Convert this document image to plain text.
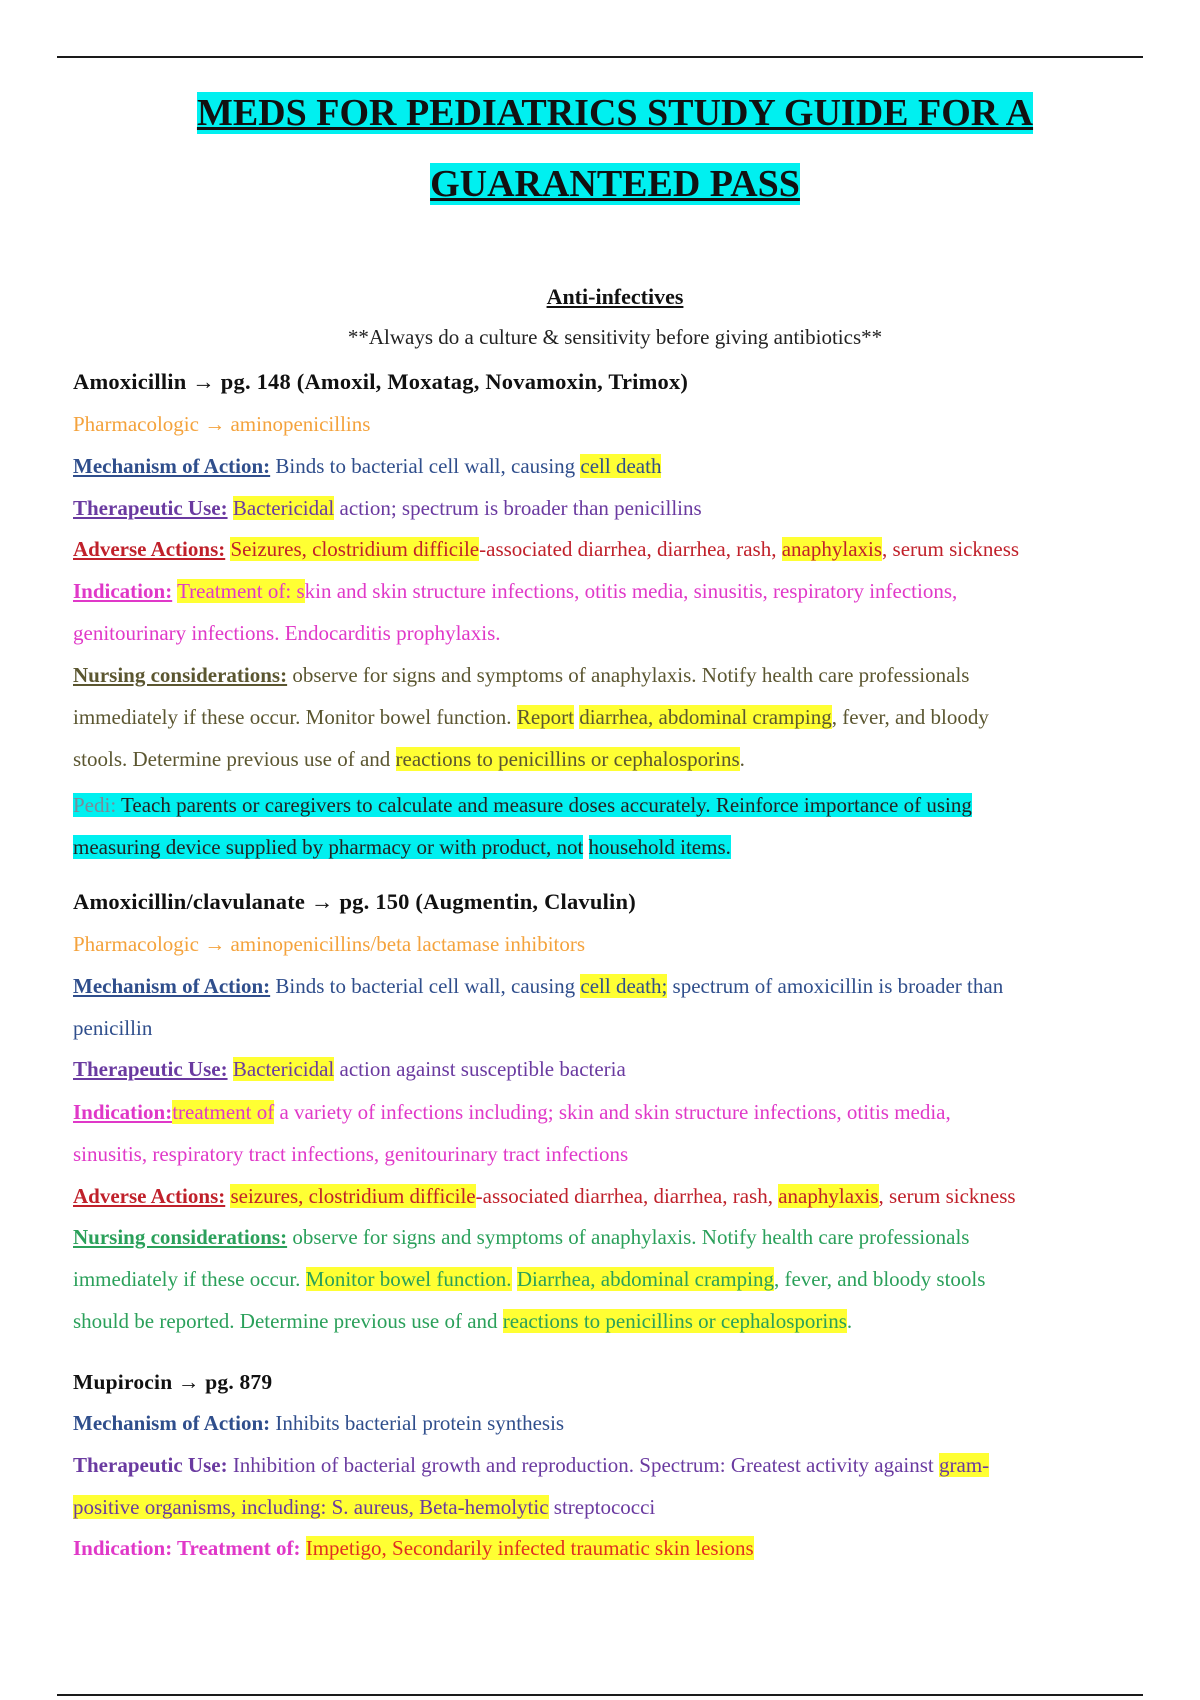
MEDS FOR PEDIATRICS STUDY GUIDE FOR A
GUARANTEED PASS
Anti-infectives
**Always do a culture & sensitivity before giving antibiotics**
Amoxicillin → pg. 148 (Amoxil, Moxatag, Novamoxin, Trimox)
Pharmacologic → aminopenicillins
Mechanism of Action: Binds to bacterial cell wall, causing cell death
Therapeutic Use: Bactericidal action; spectrum is broader than penicillins
Adverse Actions: Seizures, clostridium difficile-associated diarrhea, diarrhea, rash, anaphylaxis, serum sickness
Indication: Treatment of: skin and skin structure infections, otitis media, sinusitis, respiratory infections,
genitourinary infections. Endocarditis prophylaxis.
Nursing considerations: observe for signs and symptoms of anaphylaxis. Notify health care professionals
immediately if these occur. Monitor bowel function. Report diarrhea, abdominal cramping, fever, and bloody
stools. Determine previous use of and reactions to penicillins or cephalosporins.
Pedi: Teach parents or caregivers to calculate and measure doses accurately. Reinforce importance of using
measuring device supplied by pharmacy or with product, not household items.
Amoxicillin/clavulanate → pg. 150 (Augmentin, Clavulin)
Pharmacologic → aminopenicillins/beta lactamase inhibitors
Mechanism of Action: Binds to bacterial cell wall, causing cell death; spectrum of amoxicillin is broader than
penicillin
Therapeutic Use: Bactericidal action against susceptible bacteria
Indication:treatment of a variety of infections including; skin and skin structure infections, otitis media,
sinusitis, respiratory tract infections, genitourinary tract infections
Adverse Actions: seizures, clostridium difficile-associated diarrhea, diarrhea, rash, anaphylaxis, serum sickness
Nursing considerations: observe for signs and symptoms of anaphylaxis. Notify health care professionals
immediately if these occur. Monitor bowel function. Diarrhea, abdominal cramping, fever, and bloody stools
should be reported. Determine previous use of and reactions to penicillins or cephalosporins.
Mupirocin → pg. 879
Mechanism of Action: Inhibits bacterial protein synthesis
Therapeutic Use: Inhibition of bacterial growth and reproduction. Spectrum: Greatest activity against gram-
positive organisms, including: S. aureus, Beta-hemolytic streptococci
Indication: Treatment of: Impetigo, Secondarily infected traumatic skin lesions
